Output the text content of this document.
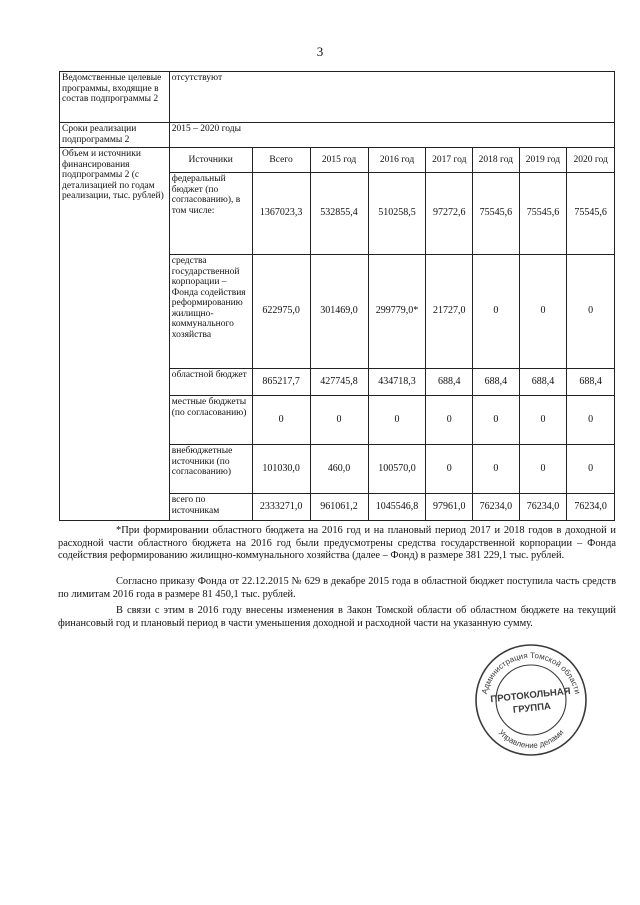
3
Ведомственные целевые программы, входящие в состав подпрограммы 2	отсутствуют							
Сроки реализации подпрограммы 2	2015 – 2020 годы							
Объем и источники финансирования подпрограммы 2 (с детализацией по годам реализации, тыс. рублей)	Источники	Всего	2015 год	2016 год	2017 год	2018 год	2019 год	2020 год
	федеральный бюджет (по согласованию), в том числе:	1367023,3	532855,4	510258,5	97272,6	75545,6	75545,6	75545,6
	средства государственной корпорации – Фонда содействия реформированию жилищно-коммунального хозяйства	622975,0	301469,0	299779,0*	21727,0	0	0	0
	областной бюджет	865217,7	427745,8	434718,3	688,4	688,4	688,4	688,4
	местные бюджеты (по согласованию)	0	0	0	0	0	0	0
	внебюджетные источники (по согласованию)	101030,0	460,0	100570,0	0	0	0	0
	всего по источникам	2333271,0	961061,2	1045546,8	97961,0	76234,0	76234,0	76234,0

*При формировании областного бюджета на 2016 год и на плановый период 2017 и 2018 годов в доходной и расходной части областного бюджета на 2016 год были предусмотрены средства государственной корпорации – Фонда содействия реформированию жилищно-коммунального хозяйства (далее – Фонд) в размере 381 229,1 тыс. рублей.

Согласно приказу Фонда от 22.12.2015 № 629 в декабре 2015 года в областной бюджет поступила часть средств по лимитам 2016 года в размере 81 450,1 тыс. рублей.

В связи с этим в 2016 году внесены изменения в Закон Томской области об областном бюджете на текущий финансовый год и плановый период в части уменьшения доходной и расходной части на указанную сумму.

Администрация Томской области
Управление делами
ПРОТОКОЛЬНАЯ
ГРУППА
